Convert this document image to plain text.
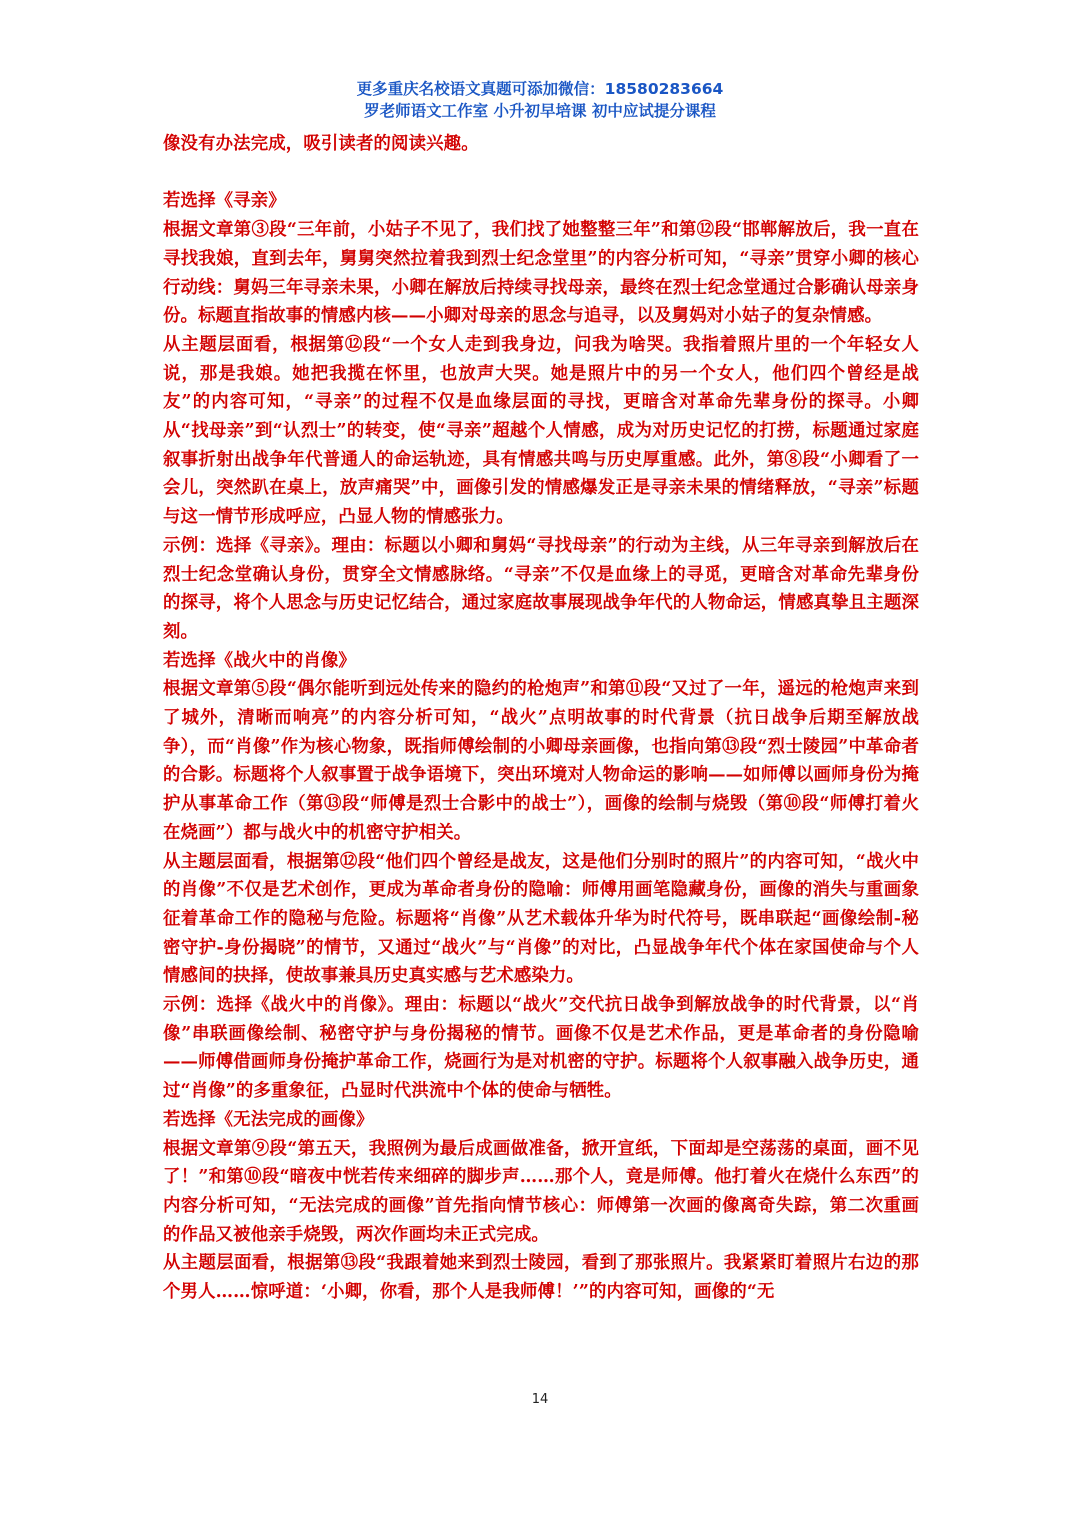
更多重庆名校语文真题可添加微信：18580283664
罗老师语文工作室 小升初早培课 初中应试提分课程

像没有办法完成，吸引读者的阅读兴趣。

若选择《寻亲》

根据文章第③段“三年前，小姑子不见了，我们找了她整整三年”和第⑫段“邯郸解放后，我一直在寻找我娘，直到去年，舅舅突然拉着我到烈士纪念堂里”的内容分析可知，“寻亲”贯穿小卿的核心行动线：舅妈三年寻亲未果，小卿在解放后持续寻找母亲，最终在烈士纪念堂通过合影确认母亲身份。标题直指故事的情感内核——小卿对母亲的思念与追寻，以及舅妈对小姑子的复杂情感。

从主题层面看，根据第⑫段“一个女人走到我身边，问我为啥哭。我指着照片里的一个年轻女人说，那是我娘。她把我揽在怀里，也放声大哭。她是照片中的另一个女人，他们四个曾经是战友”的内容可知，“寻亲”的过程不仅是血缘层面的寻找，更暗含对革命先辈身份的探寻。小卿从“找母亲”到“认烈士”的转变，使“寻亲”超越个人情感，成为对历史记忆的打捞，标题通过家庭叙事折射出战争年代普通人的命运轨迹，具有情感共鸣与历史厚重感。此外，第⑧段“小卿看了一会儿，突然趴在桌上，放声痛哭”中，画像引发的情感爆发正是寻亲未果的情绪释放，“寻亲”标题与这一情节形成呼应，凸显人物的情感张力。

示例：选择《寻亲》。理由：标题以小卿和舅妈“寻找母亲”的行动为主线，从三年寻亲到解放后在烈士纪念堂确认身份，贯穿全文情感脉络。“寻亲”不仅是血缘上的寻觅，更暗含对革命先辈身份的探寻，将个人思念与历史记忆结合，通过家庭故事展现战争年代的人物命运，情感真挚且主题深刻。

若选择《战火中的肖像》

根据文章第⑤段“偶尔能听到远处传来的隐约的枪炮声”和第⑪段“又过了一年，遥远的枪炮声来到了城外，清晰而响亮”的内容分析可知，“战火”点明故事的时代背景（抗日战争后期至解放战争），而“肖像”作为核心物象，既指师傅绘制的小卿母亲画像，也指向第⑬段“烈士陵园”中革命者的合影。标题将个人叙事置于战争语境下，突出环境对人物命运的影响——如师傅以画师身份为掩护从事革命工作（第⑬段“师傅是烈士合影中的战士”），画像的绘制与烧毁（第⑩段“师傅打着火在烧画”）都与战火中的机密守护相关。

从主题层面看，根据第⑫段“他们四个曾经是战友，这是他们分别时的照片”的内容可知，“战火中的肖像”不仅是艺术创作，更成为革命者身份的隐喻：师傅用画笔隐藏身份，画像的消失与重画象征着革命工作的隐秘与危险。标题将“肖像”从艺术载体升华为时代符号，既串联起“画像绘制-秘密守护-身份揭晓”的情节，又通过“战火”与“肖像”的对比，凸显战争年代个体在家国使命与个人情感间的抉择，使故事兼具历史真实感与艺术感染力。

示例：选择《战火中的肖像》。理由：标题以“战火”交代抗日战争到解放战争的时代背景，以“肖像”串联画像绘制、秘密守护与身份揭秘的情节。画像不仅是艺术作品，更是革命者的身份隐喻——师傅借画师身份掩护革命工作，烧画行为是对机密的守护。标题将个人叙事融入战争历史，通过“肖像”的多重象征，凸显时代洪流中个体的使命与牺牲。

若选择《无法完成的画像》

根据文章第⑨段“第五天，我照例为最后成画做准备，掀开宣纸，下面却是空荡荡的桌面，画不见了！”和第⑩段“暗夜中恍若传来细碎的脚步声……那个人，竟是师傅。他打着火在烧什么东西”的内容分析可知，“无法完成的画像”首先指向情节核心：师傅第一次画的像离奇失踪，第二次重画的作品又被他亲手烧毁，两次作画均未正式完成。

从主题层面看，根据第⑬段“我跟着她来到烈士陵园，看到了那张照片。我紧紧盯着照片右边的那个男人……惊呼道：‘小卿，你看，那个人是我师傅！’”的内容可知，画像的“无

14
